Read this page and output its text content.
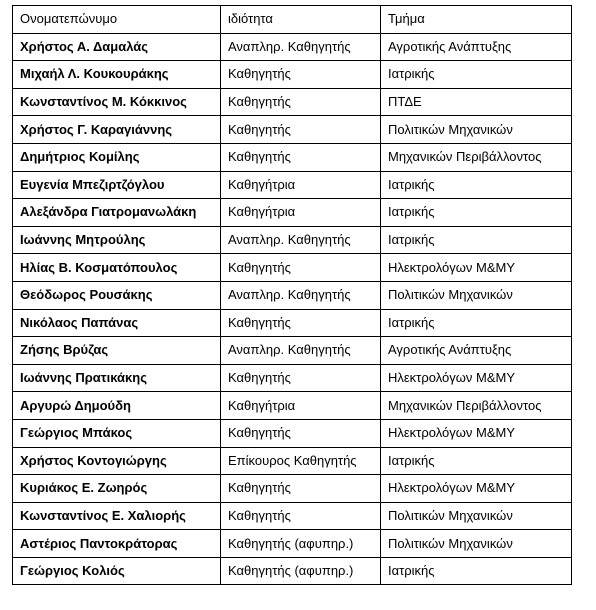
Ονοματεπώνυμο	ιδιότητα	Τμήμα
Χρήστος Α. Δαμαλάς	Αναπληρ. Καθηγητής	Αγροτικής Ανάπτυξης
Μιχαήλ Λ. Κουκουράκης	Καθηγητής	Ιατρικής
Κωνσταντίνος Μ. Κόκκινος	Καθηγητής	ΠΤΔΕ
Χρήστος Γ. Καραγιάννης	Καθηγητής	Πολιτικών Μηχανικών
Δημήτριος Κομίλης	Καθηγητής	Μηχανικών Περιβάλλοντος
Ευγενία Μπεζιρτζόγλου	Καθηγήτρια	Ιατρικής
Αλεξάνδρα Γιατρομανωλάκη	Καθηγήτρια	Ιατρικής
Ιωάννης Μητρούλης	Αναπληρ. Καθηγητής	Ιατρικής
Ηλίας Β. Κοσματόπουλος	Καθηγητής	Ηλεκτρολόγων Μ&ΜΥ
Θεόδωρος Ρουσάκης	Αναπληρ. Καθηγητής	Πολιτικών Μηχανικών
Νικόλαος Παπάνας	Καθηγητής	Ιατρικής
Ζήσης Βρύζας	Αναπληρ. Καθηγητής	Αγροτικής Ανάπτυξης
Ιωάννης Πρατικάκης	Καθηγητής	Ηλεκτρολόγων Μ&ΜΥ
Αργυρώ Δημούδη	Καθηγήτρια	Μηχανικών Περιβάλλοντος
Γεώργιος Μπάκος	Καθηγητής	Ηλεκτρολόγων Μ&ΜΥ
Χρήστος Κοντογιώργης	Επίκουρος Καθηγητής	Ιατρικής
Κυριάκος Ε. Ζωηρός	Καθηγητής	Ηλεκτρολόγων Μ&ΜΥ
Κωνσταντίνος Ε. Χαλιορής	Καθηγητής	Πολιτικών Μηχανικών
Αστέριος Παντοκράτορας	Καθηγητής (αφυπηρ.)	Πολιτικών Μηχανικών
Γεώργιος Κολιός	Καθηγητής (αφυπηρ.)	Ιατρικής
